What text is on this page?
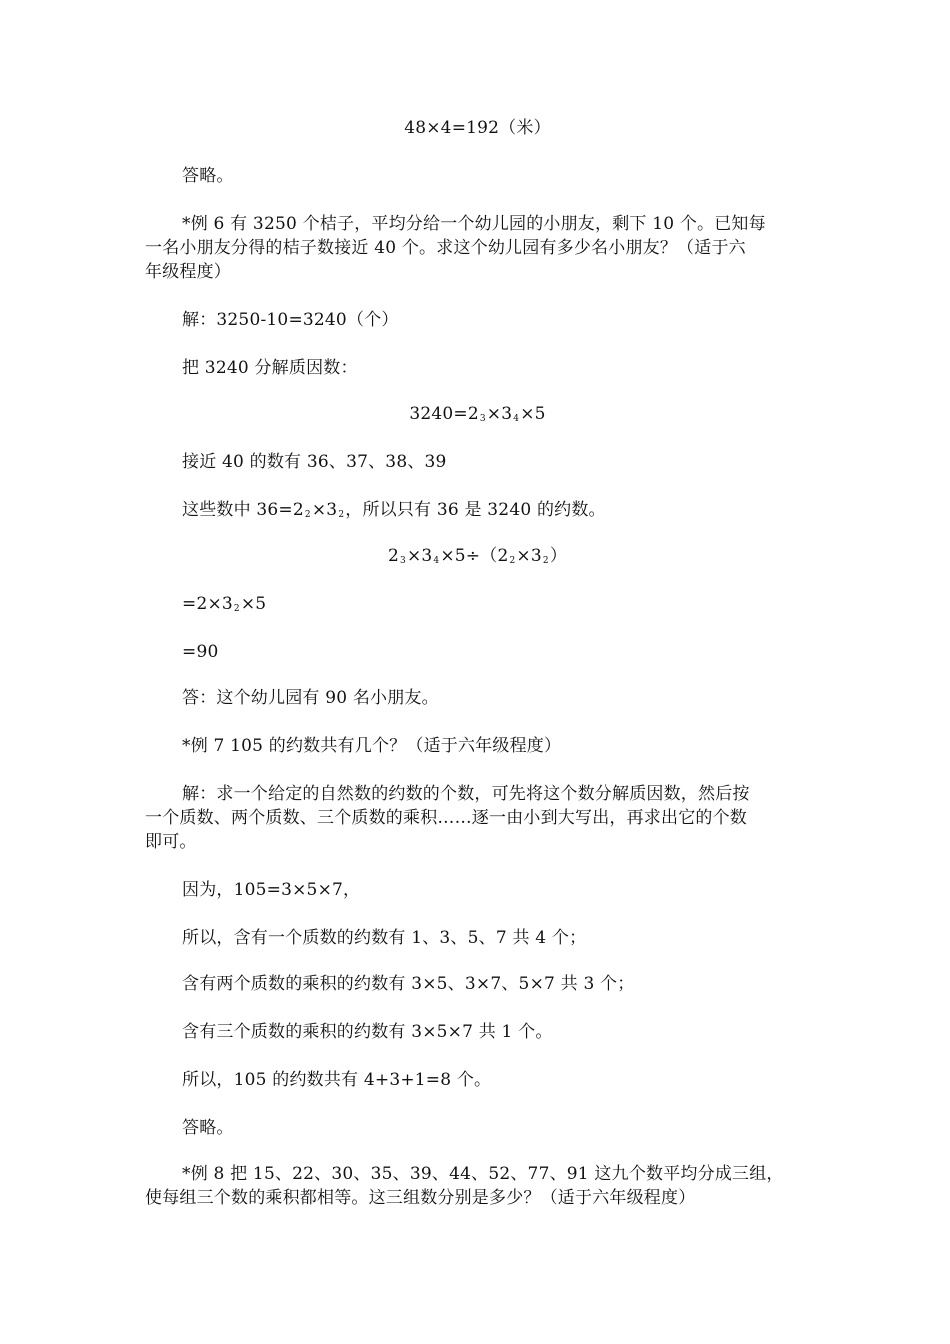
48×4=192（米）
答略。
*例 6 有 3250 个桔子，平均分给一个幼儿园的小朋友，剩下 10 个。已知每
一名小朋友分得的桔子数接近 40 个。求这个幼儿园有多少名小朋友？（适于六
年级程度）
解：3250-10=3240（个）
把 3240 分解质因数：
$3240=2_3\times 3_4\times 5$
接近 40 的数有 36、37、38、39
这些数中 $36=2_2\times 3_2$，所以只有 36 是 3240 的约数。
$2_3\times 3_4\times 5\div(2_2\times 3_2)$
$=2\times 3_2\times 5$
=90
答：这个幼儿园有 90 名小朋友。
*例 7 105 的约数共有几个？（适于六年级程度）
解：求一个给定的自然数的约数的个数，可先将这个数分解质因数，然后按
一个质数、两个质数、三个质数的乘积……逐一由小到大写出，再求出它的个数
即可。
因为，105=3×5×7，
所以，含有一个质数的约数有 1、3、5、7 共 4 个；
含有两个质数的乘积的约数有 3×5、3×7、5×7 共 3 个；
含有三个质数的乘积的约数有 3×5×7 共 1 个。
所以，105 的约数共有 4+3+1=8 个。
答略。
*例 8 把 15、22、30、35、39、44、52、77、91 这九个数平均分成三组，
使每组三个数的乘积都相等。这三组数分别是多少？（适于六年级程度）
